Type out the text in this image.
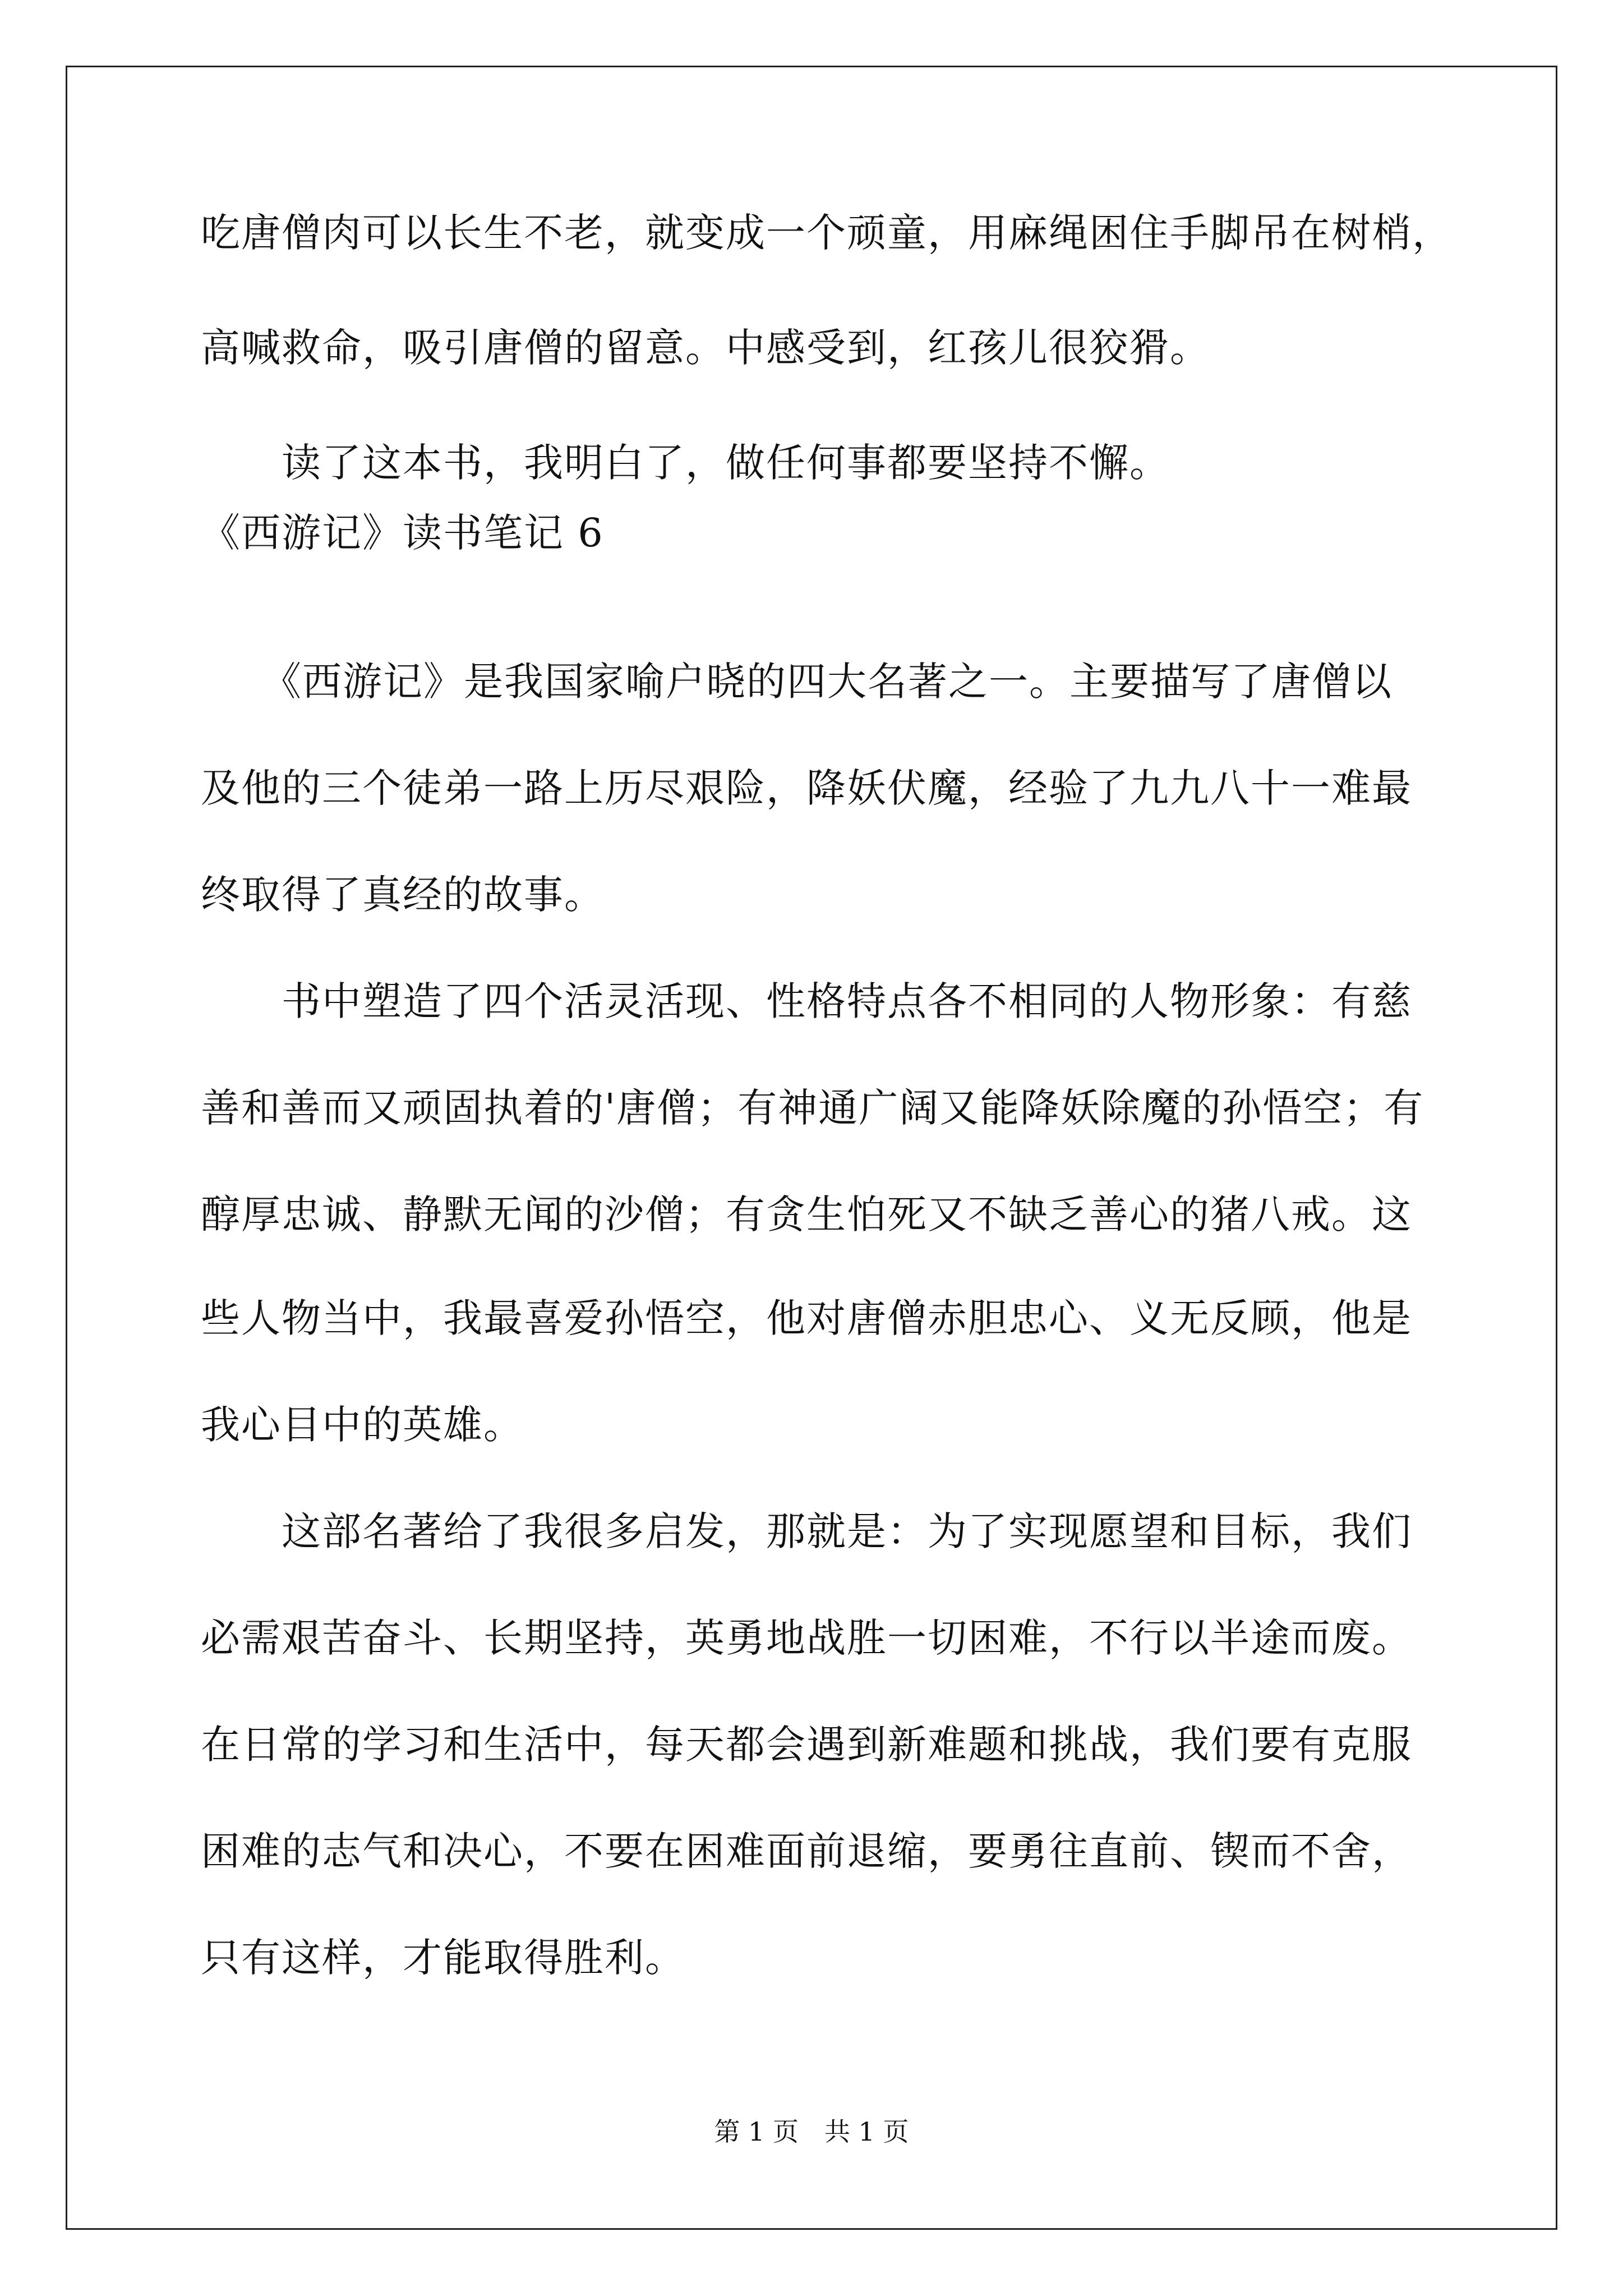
吃唐僧肉可以长生不老，就变成一个顽童，用麻绳困住手脚吊在树梢，
高喊救命，吸引唐僧的留意。中感受到，红孩儿很狡猾。
　　读了这本书，我明白了，做任何事都要坚持不懈。
《西游记》读书笔记 6
　　《西游记》是我国家喻户晓的四大名著之一。主要描写了唐僧以
及他的三个徒弟一路上历尽艰险，降妖伏魔，经验了九九八十一难最
终取得了真经的故事。
　　书中塑造了四个活灵活现、性格特点各不相同的人物形象：有慈
善和善而又顽固执着的'唐僧；有神通广阔又能降妖除魔的孙悟空；有
醇厚忠诚、静默无闻的沙僧；有贪生怕死又不缺乏善心的猪八戒。这
些人物当中，我最喜爱孙悟空，他对唐僧赤胆忠心、义无反顾，他是
我心目中的英雄。
　　这部名著给了我很多启发，那就是：为了实现愿望和目标，我们
必需艰苦奋斗、长期坚持，英勇地战胜一切困难，不行以半途而废。
在日常的学习和生活中，每天都会遇到新难题和挑战，我们要有克服
困难的志气和决心，不要在困难面前退缩，要勇往直前、锲而不舍，
只有这样，才能取得胜利。
第 1 页　共 1 页
